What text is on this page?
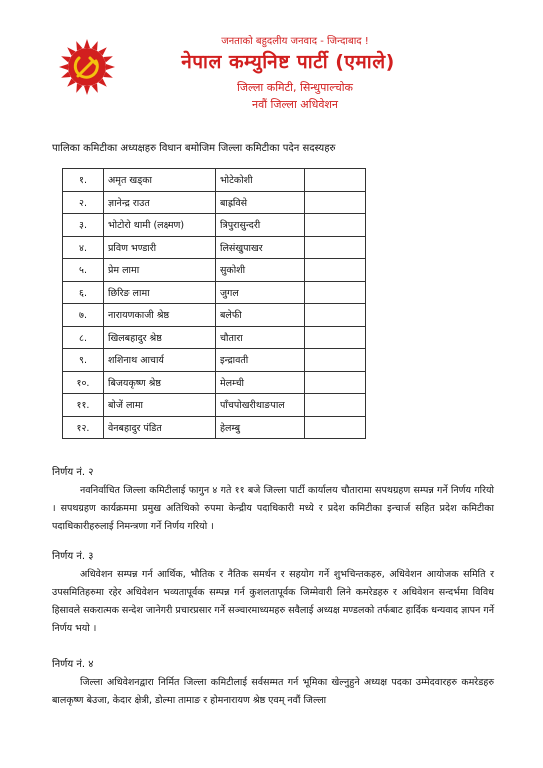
जनताको बहुदलीय जनवाद - जिन्दाबाद !
नेपाल कम्युनिष्ट पार्टी (एमाले)
जिल्ला कमिटी, सिन्धुपाल्चोक
नवौं जिल्ला अधिवेशन
पालिका कमिटीका अध्यक्षहरु विधान बमोजिम जिल्ला कमिटीका पदेन सदस्यहरु
१.	अमृत खड्का	भोटेकोशी	
२.	ज्ञानेन्द्र राउत	बाह्रविसे	
३.	भोटोरो थामी (लक्ष्मण)	त्रिपुरासुन्दरी	
४.	प्रविण भण्डारी	लिसंखुपाखर	
५.	प्रेम लामा	सुकोशी	
६.	छिरिङ लामा	जुगल	
७.	नारायणकाजी श्रेष्ठ	बलेफी	
८.	खिलबहादुर श्रेष्ठ	चौतारा	
९.	शशिनाथ आचार्य	इन्द्रावती	
१०.	बिजयकृष्ण श्रेष्ठ	मेलम्ची	
११.	बोजें लामा	पाँचपोखरीथाङपाल	
१२.	वेनबहादुर पंडित	हेलम्बु	
निर्णय नं. २
नवनिर्वाचित जिल्ला कमिटीलाई फागुन ४ गते ११ बजे जिल्ला पार्टी कार्यालय चौतारामा सपथग्रहण सम्पन्न गर्ने निर्णय गरियो । सपथग्रहण कार्यक्रममा प्रमुख अतिथिको रुपमा केन्द्रीय पदाधिकारी मध्ये र प्रदेश कमिटीका इन्चार्ज सहित प्रदेश कमिटीका पदाधिकारीहरुलाई निमन्त्रणा गर्ने निर्णय गरियो ।
निर्णय नं. ३
अधिवेशन सम्पन्न गर्न आर्थिक, भौतिक र नैतिक समर्थन र सहयोग गर्ने शुभचिन्तकहरु, अधिवेशन आयोजक समिति र उपसमितिहरुमा रहेर अधिवेशन भव्यतापूर्वक सम्पन्न गर्न कुशलतापूर्वक जिम्मेवारी लिने कमरेडहरु र अधिवेशन सन्दर्भमा विविध हिसावले सकरात्मक सन्देश जानेगरी प्रचारप्रसार गर्ने सञ्चारमाध्यमहरु सवैलाई अध्यक्ष मण्डलको तर्फबाट हार्दिक धन्यवाद ज्ञापन गर्ने निर्णय भयो ।
निर्णय नं. ४
जिल्ला अधिवेशनद्वारा निर्मित जिल्ला कमिटीलाई सर्वसम्मत गर्न भूमिका खेल्नुहुने अध्यक्ष पदका उम्मेदवारहरु कमरेडहरु बालकृष्ण बेउजा, केदार क्षेत्री, डोल्मा तामाङ र होमनारायण श्रेष्ठ एवम् नवौं जिल्ला
